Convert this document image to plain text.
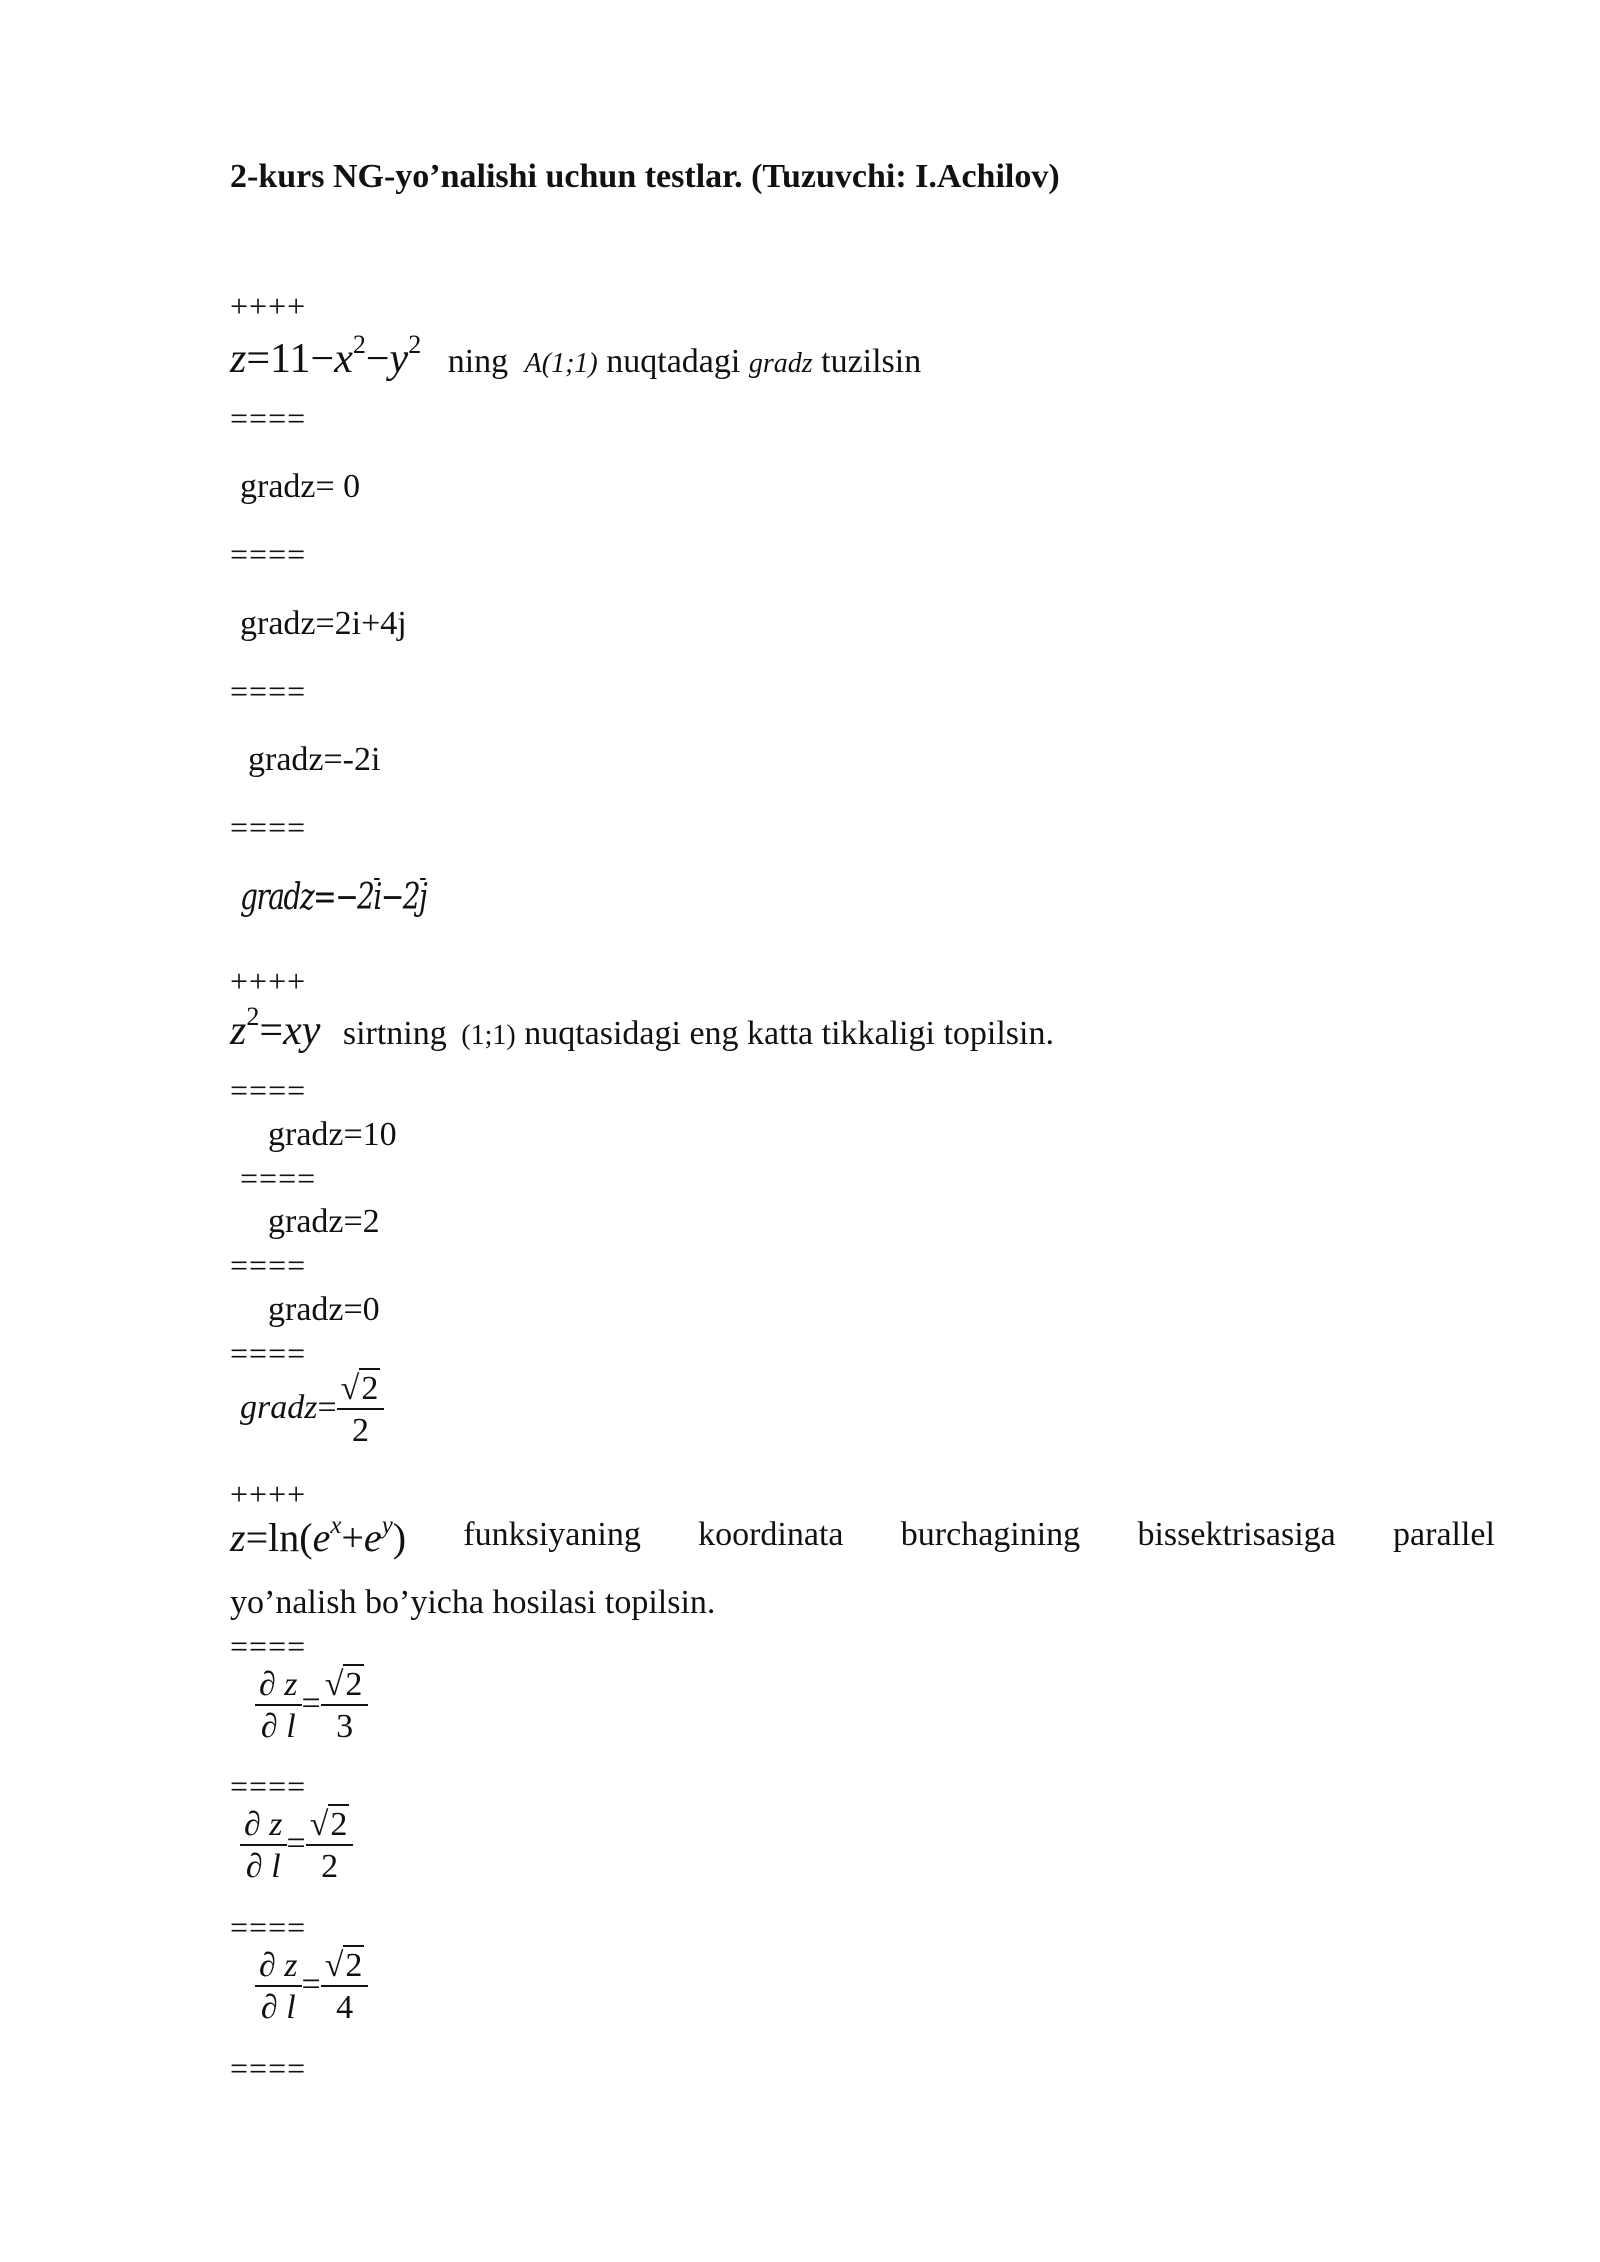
2-kurs NG-yo’nalishi uchun testlar. (Tuzuvchi: I.Achilov)
++++
$z=11-x^2-y^2$ ning A(1;1) nuqtadagi gradz tuzilsin
====
gradz= 0
====
gradz=2i+4j
====
gradz=-2i
====
gradz=−2i−2j
++++
$z^2=xy$ sirtning (1;1) nuqtasidagi eng katta tikkaligi topilsin.
====
gradz=10
====
gradz=2
====
gradz=0
====
gradz= $\frac{√2}{2}$
++++
$z=\ln(e^x+e^y)$ funksiyaning koordinata burchagining bissektrisasiga parallel
yo’nalish bo’yicha hosilasi topilsin.
====
$\frac{\partial z}{\partial l} = \frac{√2}{3}$
====
$\frac{\partial z}{\partial l} = \frac{√2}{2}$
====
$\frac{\partial z}{\partial l} = \frac{√2}{4}$
====
